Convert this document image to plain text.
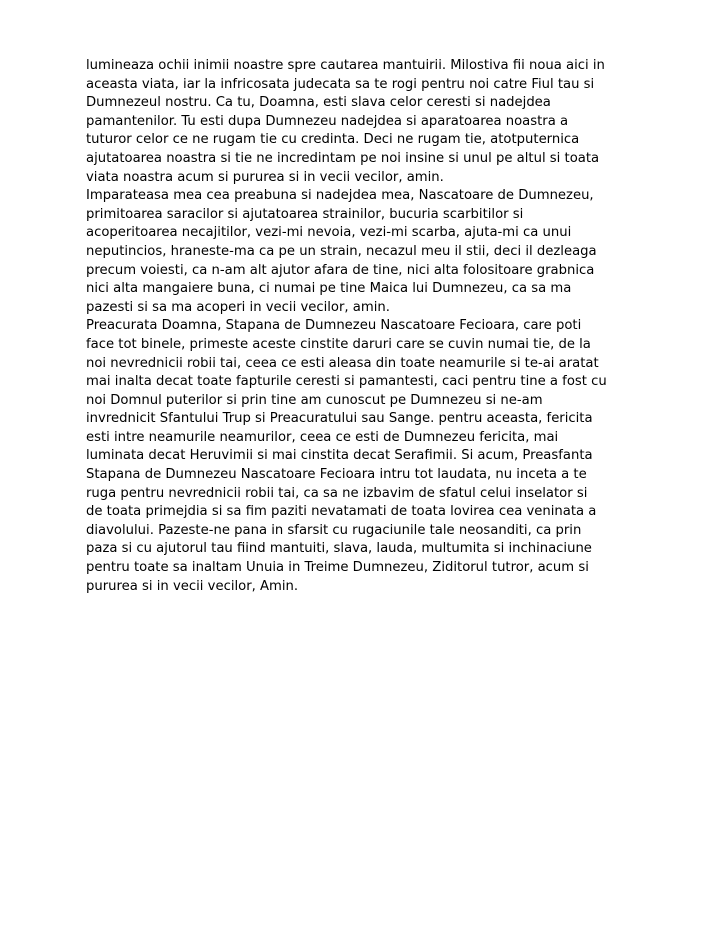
lumineaza ochii inimii noastre spre cautarea mantuirii. Milostiva fii noua aici in
aceasta viata, iar la infricosata judecata sa te rogi pentru noi catre Fiul tau si
Dumnezeul nostru. Ca tu, Doamna, esti slava celor ceresti si nadejdea
pamantenilor. Tu esti dupa Dumnezeu nadejdea si aparatoarea noastra a
tuturor celor ce ne rugam tie cu credinta. Deci ne rugam tie, atotputernica
ajutatoarea noastra si tie ne incredintam pe noi insine si unul pe altul si toata
viata noastra acum si pururea si in vecii vecilor, amin.
Imparateasa mea cea preabuna si nadejdea mea, Nascatoare de Dumnezeu,
primitoarea saracilor si ajutatoarea strainilor, bucuria scarbitilor si
acoperitoarea necajitilor, vezi-mi nevoia, vezi-mi scarba, ajuta-mi ca unui
neputincios, hraneste-ma ca pe un strain, necazul meu il stii, deci il dezleaga
precum voiesti, ca n-am alt ajutor afara de tine, nici alta folositoare grabnica
nici alta mangaiere buna, ci numai pe tine Maica lui Dumnezeu, ca sa ma
pazesti si sa ma acoperi in vecii vecilor, amin.
Preacurata Doamna, Stapana de Dumnezeu Nascatoare Fecioara, care poti
face tot binele, primeste aceste cinstite daruri care se cuvin numai tie, de la
noi nevrednicii robii tai, ceea ce esti aleasa din toate neamurile si te-ai aratat
mai inalta decat toate fapturile ceresti si pamantesti, caci pentru tine a fost cu
noi Domnul puterilor si prin tine am cunoscut pe Dumnezeu si ne-am
invrednicit Sfantului Trup si Preacuratului sau Sange. pentru aceasta, fericita
esti intre neamurile neamurilor, ceea ce esti de Dumnezeu fericita, mai
luminata decat Heruvimii si mai cinstita decat Serafimii. Si acum, Preasfanta
Stapana de Dumnezeu Nascatoare Fecioara intru tot laudata, nu inceta a te
ruga pentru nevrednicii robii tai, ca sa ne izbavim de sfatul celui inselator si
de toata primejdia si sa fim paziti nevatamati de toata lovirea cea veninata a
diavolului. Pazeste-ne pana in sfarsit cu rugaciunile tale neosanditi, ca prin
paza si cu ajutorul tau fiind mantuiti, slava, lauda, multumita si inchinaciune
pentru toate sa inaltam Unuia in Treime Dumnezeu, Ziditorul tutror, acum si
pururea si in vecii vecilor, Amin.
